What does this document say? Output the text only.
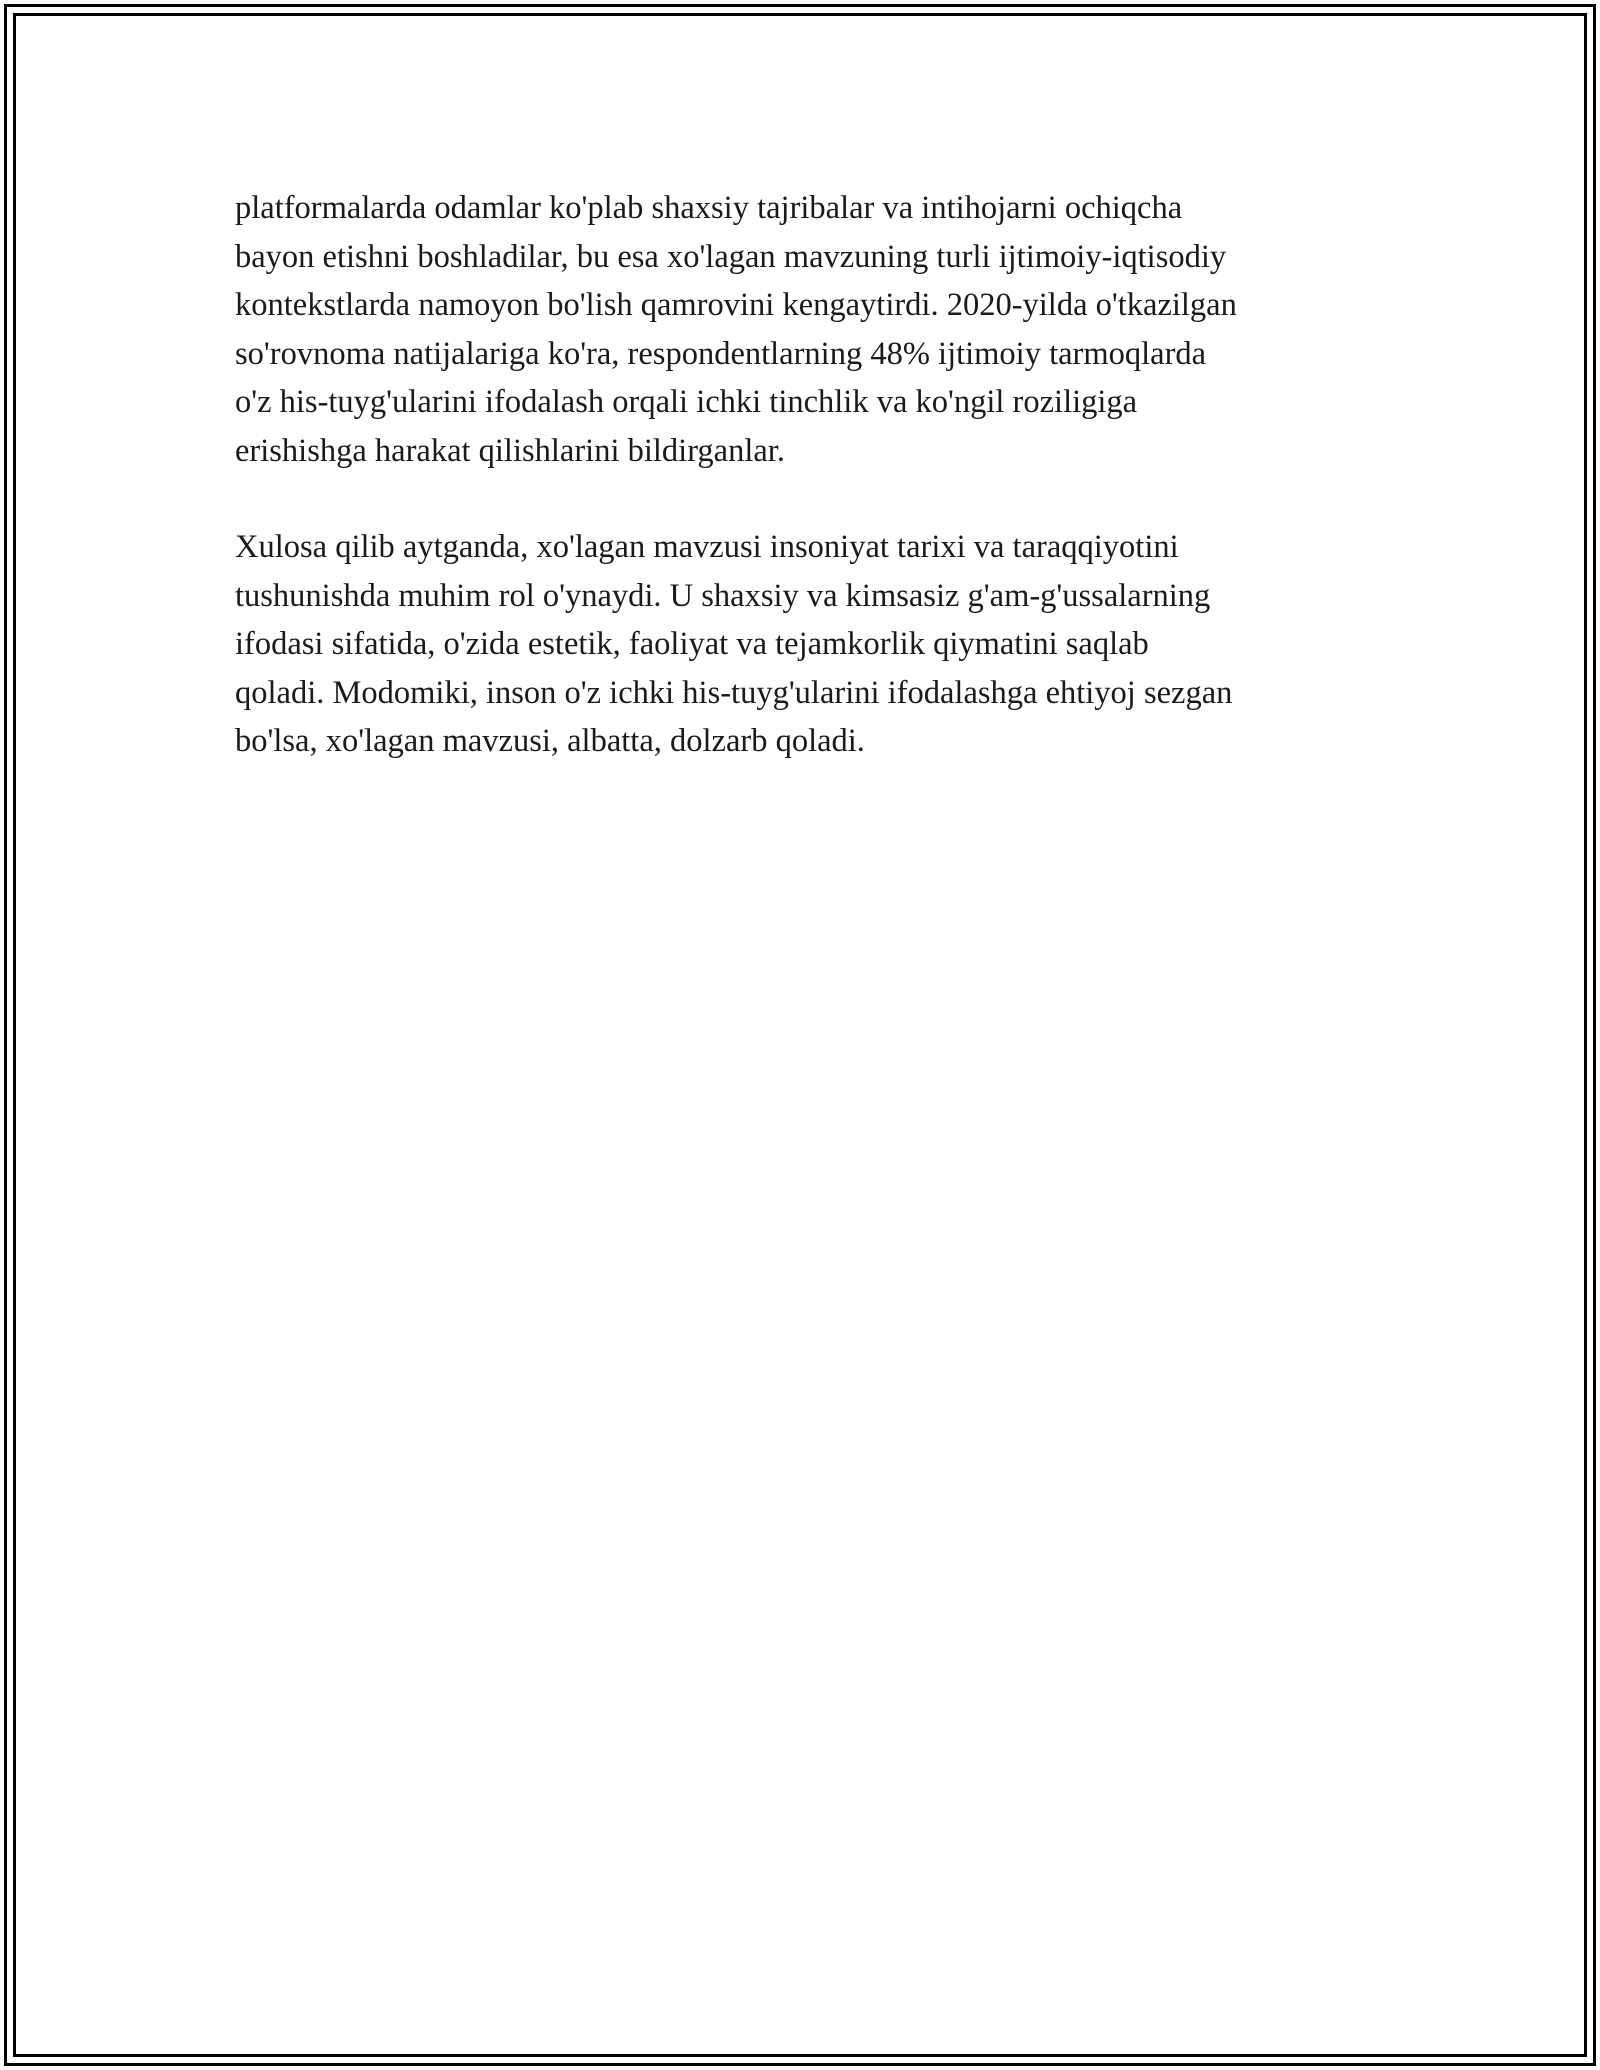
platformalarda odamlar ko'plab shaxsiy tajribalar va intihojarni ochiqcha
bayon etishni boshladilar, bu esa xo'lagan mavzuning turli ijtimoiy-iqtisodiy
kontekstlarda namoyon bo'lish qamrovini kengaytirdi. 2020-yilda o'tkazilgan
so'rovnoma natijalariga ko'ra, respondentlarning 48% ijtimoiy tarmoqlarda
o'z his-tuyg'ularini ifodalash orqali ichki tinchlik va ko'ngil roziligiga
erishishga harakat qilishlarini bildirganlar.

Xulosa qilib aytganda, xo'lagan mavzusi insoniyat tarixi va taraqqiyotini
tushunishda muhim rol o'ynaydi. U shaxsiy va kimsasiz g'am-g'ussalarning
ifodasi sifatida, o'zida estetik, faoliyat va tejamkorlik qiymatini saqlab
qoladi. Modomiki, inson o'z ichki his-tuyg'ularini ifodalashga ehtiyoj sezgan
bo'lsa, xo'lagan mavzusi, albatta, dolzarb qoladi.
